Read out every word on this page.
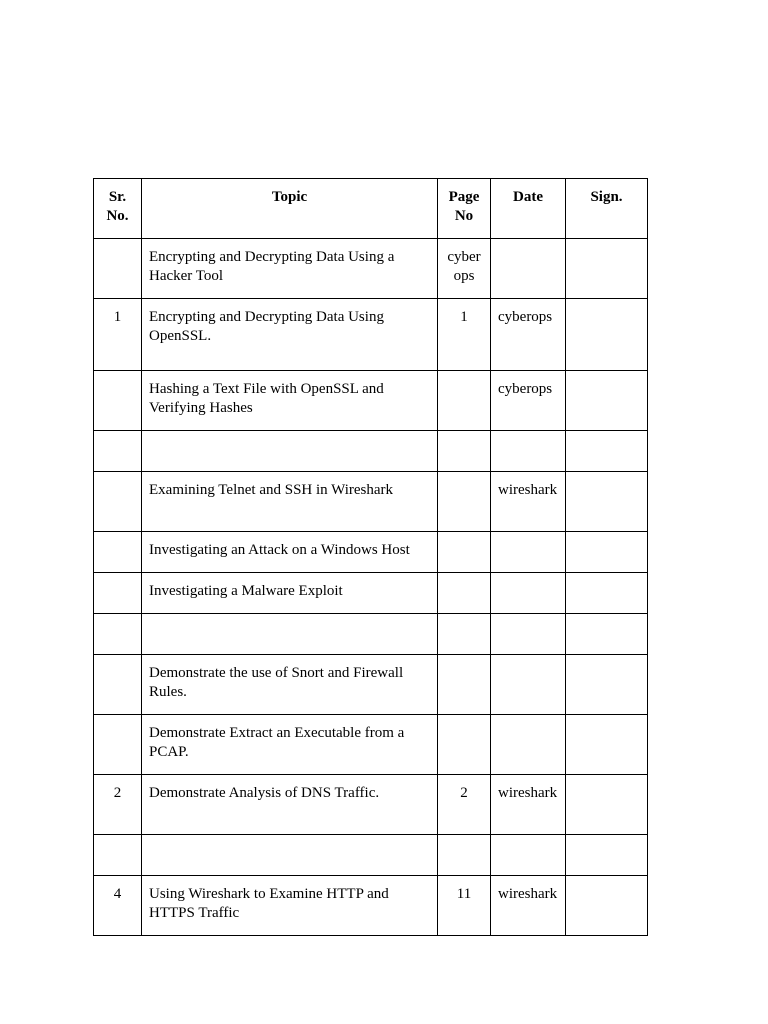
Sr. No.	Topic	Page No	Date	Sign.
	Encrypting and Decrypting Data Using a Hacker Tool	cyber ops		
1	Encrypting and Decrypting Data Using OpenSSL.	1	cyberops	
	Hashing a Text File with OpenSSL and Verifying Hashes		cyberops	

	Examining Telnet and SSH in Wireshark		wireshark	
	Investigating an Attack on a Windows Host			
	Investigating a Malware Exploit			

	Demonstrate the use of Snort and Firewall Rules.			
	Demonstrate Extract an Executable from a PCAP.			
2	Demonstrate Analysis of DNS Traffic.	2	wireshark	

4	Using Wireshark to Examine HTTP and HTTPS Traffic	11	wireshark	
